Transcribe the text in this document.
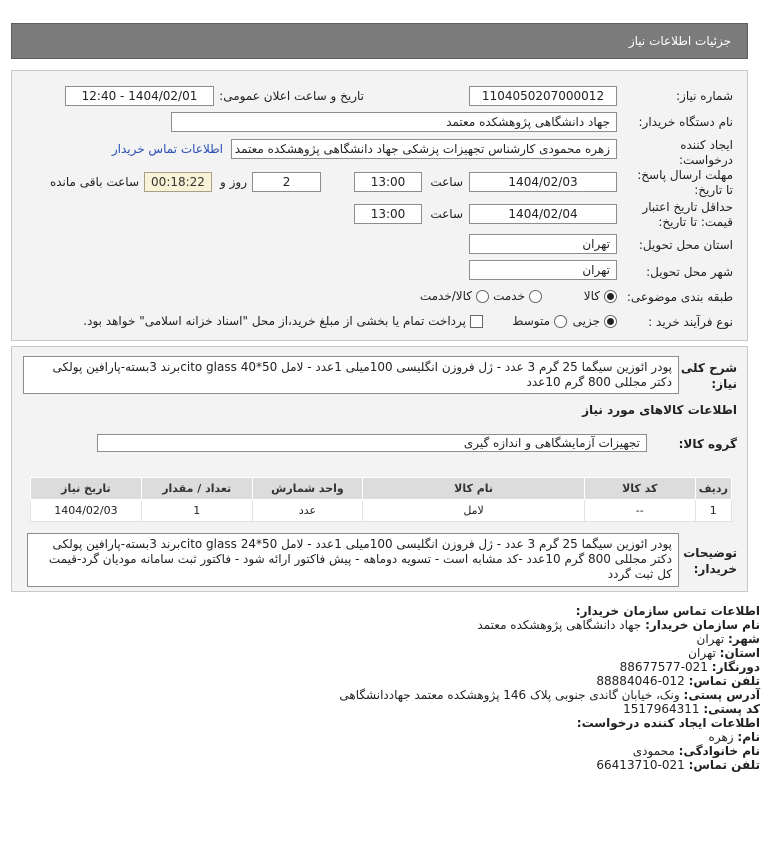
جزئیات اطلاعات نیاز
شماره نیاز:
1104050207000012
تاریخ و ساعت اعلان عمومی:
1404/02/01 - 12:40
نام دستگاه خریدار:
جهاد دانشگاهی پژوهشکده معتمد
ایجاد کننده
درخواست:
زهره محمودی کارشناس تجهیزات پزشکی جهاد دانشگاهی پژوهشکده معتمد
اطلاعات تماس خریدار
مهلت ارسال پاسخ:
تا تاریخ:
1404/02/03
ساعت
13:00
2
روز و
00:18:22
ساعت باقی مانده
حداقل تاریخ اعتبار
قیمت: تا تاریخ:
1404/02/04
ساعت
13:00
استان محل تحویل:
تهران
شهر محل تحویل:
تهران
طبقه بندی موضوعی:
کالا
خدمت
کالا/خدمت
نوع فرآیند خرید :
جزیی
متوسط
پرداخت تمام یا بخشی از مبلغ خرید،از محل "اسناد خزانه اسلامی" خواهد بود.
شرح کلی
نیاز:
پودر ائوزین سیگما 25 گرم 3 عدد - ژل فروزن انگلیسی 100میلی 1عدد - لامل 50*40 cito glassبرند 3بسته-پارافین پولکی دکتر مجللی 800 گرم 10عدد
اطلاعات کالاهای مورد نیاز
گروه کالا:
تجهیزات آزمایشگاهی و اندازه گیری
ردیف	کد کالا	نام کالا	واحد شمارش	تعداد / مقدار	تاریخ نیاز
1	--	لامل	عدد	1	1404/02/03
توضیحات
خریدار:
پودر ائوزین سیگما 25 گرم 3 عدد - ژل فروزن انگلیسی 100میلی 1عدد - لامل 50*24 cito glassبرند 3بسته-پارافین پولکی دکتر مجللی 800 گرم 10عدد -کد مشابه است - تسویه دوماهه - پیش فاکتور ارائه شود - فاکتور ثبت سامانه مودیان گرد-قیمت کل ثبت گردد
اطلاعات تماس سازمان خریدار:
نام سازمان خریدار: جهاد دانشگاهی پژوهشکده معتمد
شهر: تهران
استان: تهران
دورنگار: 021-88677577
تلفن تماس: 012-88884046
آدرس پستی: ونک، خیابان گاندی جنوبی پلاک 146 پژوهشکده معتمد جهاددانشگاهی
کد پستی: 1517964311
اطلاعات ایجاد کننده درخواست:
نام: زهره
نام خانوادگی: محمودی
تلفن تماس: 021-66413710
